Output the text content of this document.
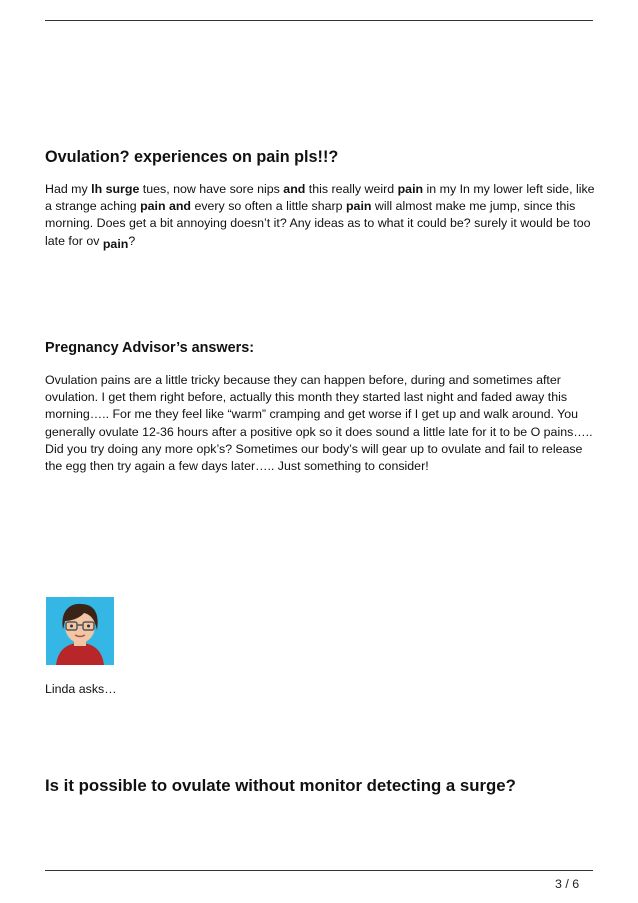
Ovulation? experiences on pain pls!!?

Had my lh surge tues, now have sore nips and this really weird pain in my In my lower left side, like a strange aching pain and every so often a little sharp pain will almost make me jump, since this morning. Does get a bit annoying doesn’t it? Any ideas as to what it could be? surely it would be too late for ov pain?

Pregnancy Advisor’s answers:

Ovulation pains are a little tricky because they can happen before, during and sometimes after ovulation. I get them right before, actually this month they started last night and faded away this morning….. For me they feel like “warm” cramping and get worse if I get up and walk around. You generally ovulate 12-36 hours after a positive opk so it does sound a little late for it to be O pains….. Did you try doing any more opk’s? Sometimes our body’s will gear up to ovulate and fail to release the egg then try again a few days later….. Just something to consider!

Linda asks…

Is it possible to ovulate without monitor detecting a surge?
3 / 6
